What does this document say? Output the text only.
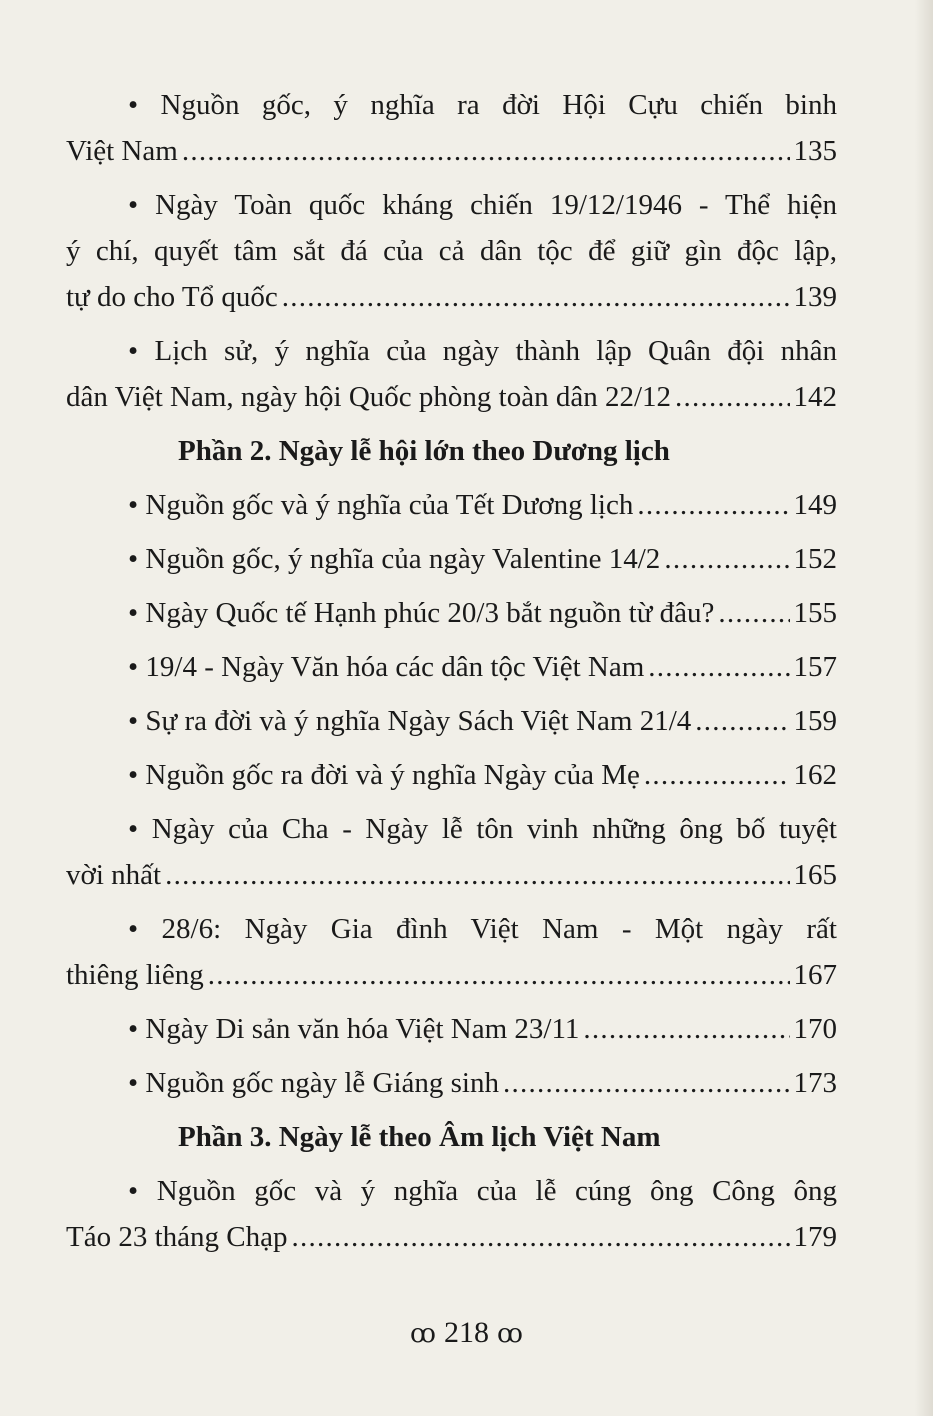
• Nguồn gốc, ý nghĩa ra đời Hội Cựu chiến binh
Việt Nam . . .	135
• Ngày Toàn quốc kháng chiến 19/12/1946 - Thể hiện
ý chí, quyết tâm sắt đá của cả dân tộc để giữ gìn độc lập,
tự do cho Tổ quốc . . .	139
• Lịch sử, ý nghĩa của ngày thành lập Quân đội nhân
dân Việt Nam, ngày hội Quốc phòng toàn dân 22/12 . . .	142
Phần 2. Ngày lễ hội lớn theo Dương lịch
• Nguồn gốc và ý nghĩa của Tết Dương lịch . . .	149
• Nguồn gốc, ý nghĩa của ngày Valentine 14/2 . . .	152
• Ngày Quốc tế Hạnh phúc 20/3 bắt nguồn từ đâu? . . .	155
• 19/4 - Ngày Văn hóa các dân tộc Việt Nam . . .	157
• Sự ra đời và ý nghĩa Ngày Sách Việt Nam 21/4 . . .	159
• Nguồn gốc ra đời và ý nghĩa Ngày của Mẹ . . .	162
• Ngày của Cha - Ngày lễ tôn vinh những ông bố tuyệt
vời nhất . . .	165
• 28/6: Ngày Gia đình Việt Nam - Một ngày rất
thiêng liêng . . .	167
• Ngày Di sản văn hóa Việt Nam 23/11 . . .	170
• Nguồn gốc ngày lễ Giáng sinh . . .	173
Phần 3. Ngày lễ theo Âm lịch Việt Nam
• Nguồn gốc và ý nghĩa của lễ cúng ông Công ông
Táo 23 tháng Chạp . . .	179
ꝏ 218 ꝏ
